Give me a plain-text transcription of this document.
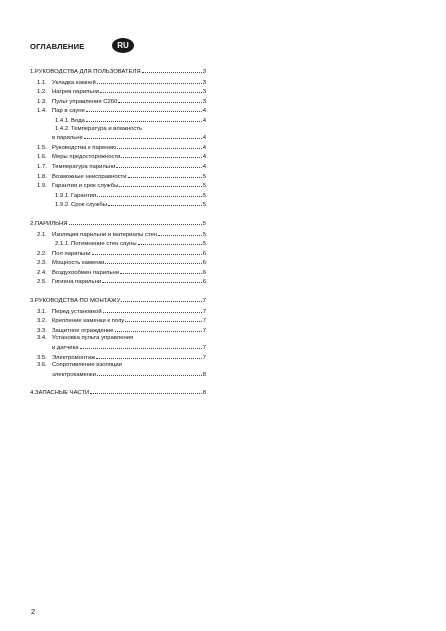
ОГЛАВЛЕНИЕ	RU
1. РУКОВОДСТВА ДЛЯ ПОЛЬЗОВАТЕЛЯ	3
1.1. Укладка камней	3
1.2. Нагрев парильни	3
1.3. Пульт управления C260	3
1.4. Пар в сауне	4
1.4.1. Вода	4
1.4.2. Температура и влажность
в парильне	4
1.5. Руководства к парению	4
1.6. Меры предосторожности	4
1.7. Температура парильни	4
1.8. Возможные неисправности	5
1.9. Гарантия и срок службы	5
1.9.1. Гарантия	5
1.9.2. Срок службы	5
2. ПАРИЛЬНЯ	5
2.1. Изоляция парильни и материалы стен	5
2.1.1. Потемнение стен сауны	5
2.2. Пол парильни	6
2.3. Мощность каменки	6
2.4. Воздухообмен парильни	6
2.5. Гигиена парильни	6
3. РУКОВОДСТВА ПО МОНТАЖУ	7
3.1. Перед установкой	7
3.2. Крепление каменки к полу	7
3.3. Защитное ограждение	7
3.4. Установка пульта управления
и датчика	7
3.5. Электромонтаж	7
3.6. Сопротивление изоляции
электрокаменки	8
4. ЗАПАСНЫЕ ЧАСТИ	8
2
